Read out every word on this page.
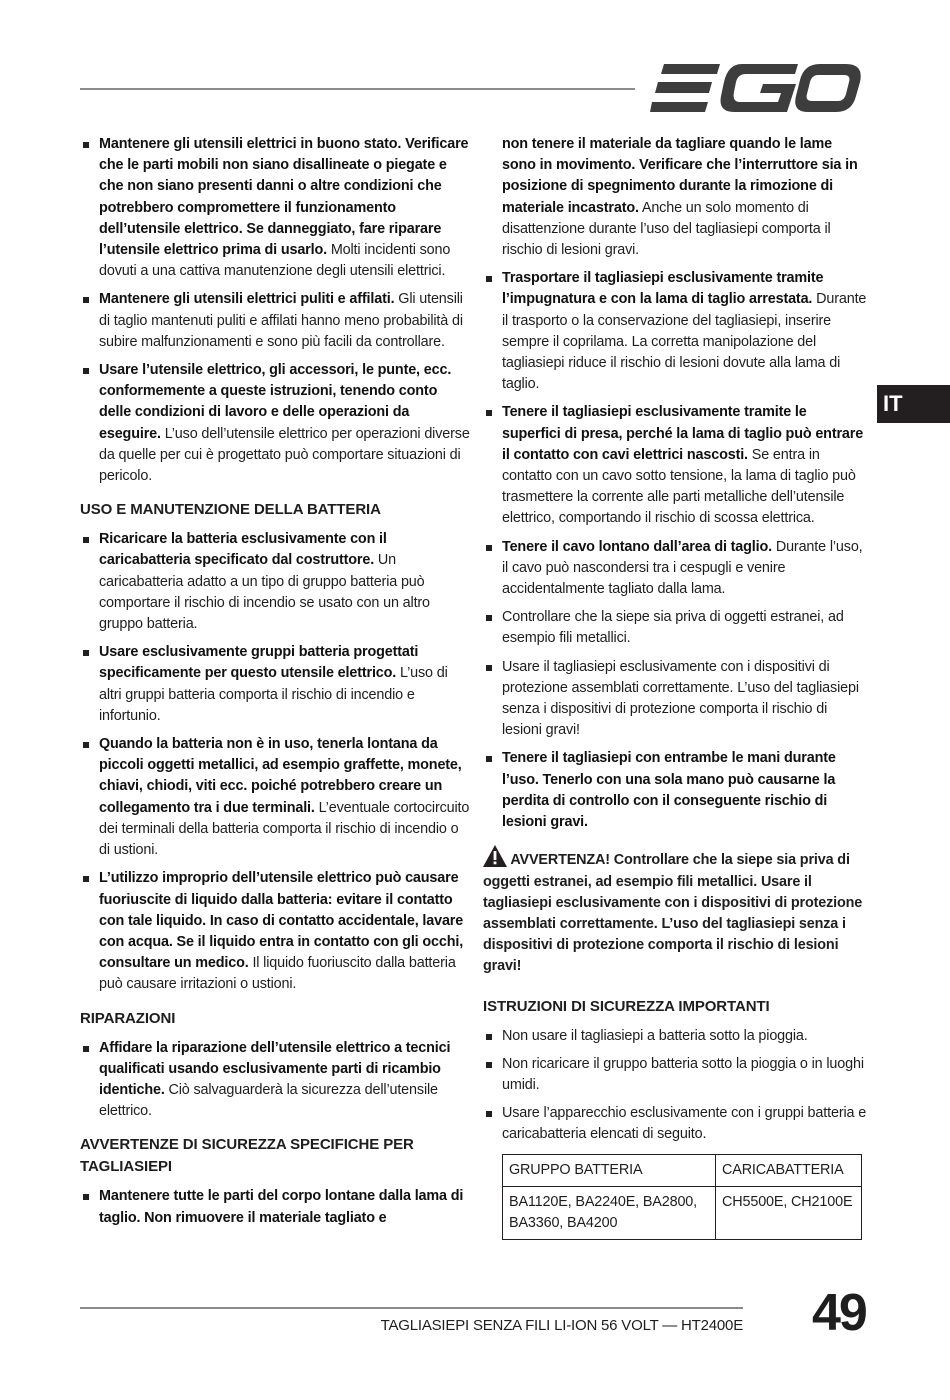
IT
Mantenere gli utensili elettrici in buono stato. Verificare che le parti mobili non siano disallineate o piegate e che non siano presenti danni o altre condizioni che potrebbero compromettere il funzionamento dell’utensile elettrico. Se danneggiato, fare riparare l’utensile elettrico prima di usarlo. Molti incidenti sono dovuti a una cattiva manutenzione degli utensili elettrici.
Mantenere gli utensili elettrici puliti e affilati. Gli utensili di taglio mantenuti puliti e affilati hanno meno probabilità di subire malfunzionamenti e sono più facili da controllare.
Usare l’utensile elettrico, gli accessori, le punte, ecc. conformemente a queste istruzioni, tenendo conto delle condizioni di lavoro e delle operazioni da eseguire. L’uso dell’utensile elettrico per operazioni diverse da quelle per cui è progettato può comportare situazioni di pericolo.
USO E MANUTENZIONE DELLA BATTERIA
Ricaricare la batteria esclusivamente con il caricabatteria specificato dal costruttore. Un caricabatteria adatto a un tipo di gruppo batteria può comportare il rischio di incendio se usato con un altro gruppo batteria.
Usare esclusivamente gruppi batteria progettati specificamente per questo utensile elettrico. L’uso di altri gruppi batteria comporta il rischio di incendio e infortunio.
Quando la batteria non è in uso, tenerla lontana da piccoli oggetti metallici, ad esempio graffette, monete, chiavi, chiodi, viti ecc. poiché potrebbero creare un collegamento tra i due terminali. L’eventuale cortocircuito dei terminali della batteria comporta il rischio di incendio o di ustioni.
L’utilizzo improprio dell’utensile elettrico può causare fuoriuscite di liquido dalla batteria: evitare il contatto con tale liquido. In caso di contatto accidentale, lavare con acqua. Se il liquido entra in contatto con gli occhi, consultare un medico. Il liquido fuoriuscito dalla batteria può causare irritazioni o ustioni.
RIPARAZIONI
Affidare la riparazione dell’utensile elettrico a tecnici qualificati usando esclusivamente parti di ricambio identiche. Ciò salvaguarderà la sicurezza dell’utensile elettrico.
AVVERTENZE DI SICUREZZA SPECIFICHE PER TAGLIASIEPI
Mantenere tutte le parti del corpo lontane dalla lama di taglio. Non rimuovere il materiale tagliato e
non tenere il materiale da tagliare quando le lame sono in movimento. Verificare che l’interruttore sia in posizione di spegnimento durante la rimozione di materiale incastrato. Anche un solo momento di disattenzione durante l’uso del tagliasiepi comporta il rischio di lesioni gravi.
Trasportare il tagliasiepi esclusivamente tramite l’impugnatura e con la lama di taglio arrestata. Durante il trasporto o la conservazione del tagliasiepi, inserire sempre il coprilama. La corretta manipolazione del tagliasiepi riduce il rischio di lesioni dovute alla lama di taglio.
Tenere il tagliasiepi esclusivamente tramite le superfici di presa, perché la lama di taglio può entrare il contatto con cavi elettrici nascosti. Se entra in contatto con un cavo sotto tensione, la lama di taglio può trasmettere la corrente alle parti metalliche dell’utensile elettrico, comportando il rischio di scossa elettrica.
Tenere il cavo lontano dall’area di taglio. Durante l’uso, il cavo può nascondersi tra i cespugli e venire accidentalmente tagliato dalla lama.
Controllare che la siepe sia priva di oggetti estranei, ad esempio fili metallici.
Usare il tagliasiepi esclusivamente con i dispositivi di protezione assemblati correttamente. L’uso del tagliasiepi senza i dispositivi di protezione comporta il rischio di lesioni gravi!
Tenere il tagliasiepi con entrambe le mani durante l’uso. Tenerlo con una sola mano può causarne la perdita di controllo con il conseguente rischio di lesioni gravi.
AVVERTENZA! Controllare che la siepe sia priva di oggetti estranei, ad esempio fili metallici. Usare il tagliasiepi esclusivamente con i dispositivi di protezione assemblati correttamente. L’uso del tagliasiepi senza i dispositivi di protezione comporta il rischio di lesioni gravi!
ISTRUZIONI DI SICUREZZA IMPORTANTI
Non usare il tagliasiepi a batteria sotto la pioggia.
Non ricaricare il gruppo batteria sotto la pioggia o in luoghi umidi.
Usare l’apparecchio esclusivamente con i gruppi batteria e caricabatteria elencati di seguito.
GRUPPO BATTERIA	CARICABATTERIA
BA1120E, BA2240E, BA2800, BA3360, BA4200	CH5500E, CH2100E
TAGLIASIEPI SENZA FILI LI-ION 56 VOLT — HT2400E 49
